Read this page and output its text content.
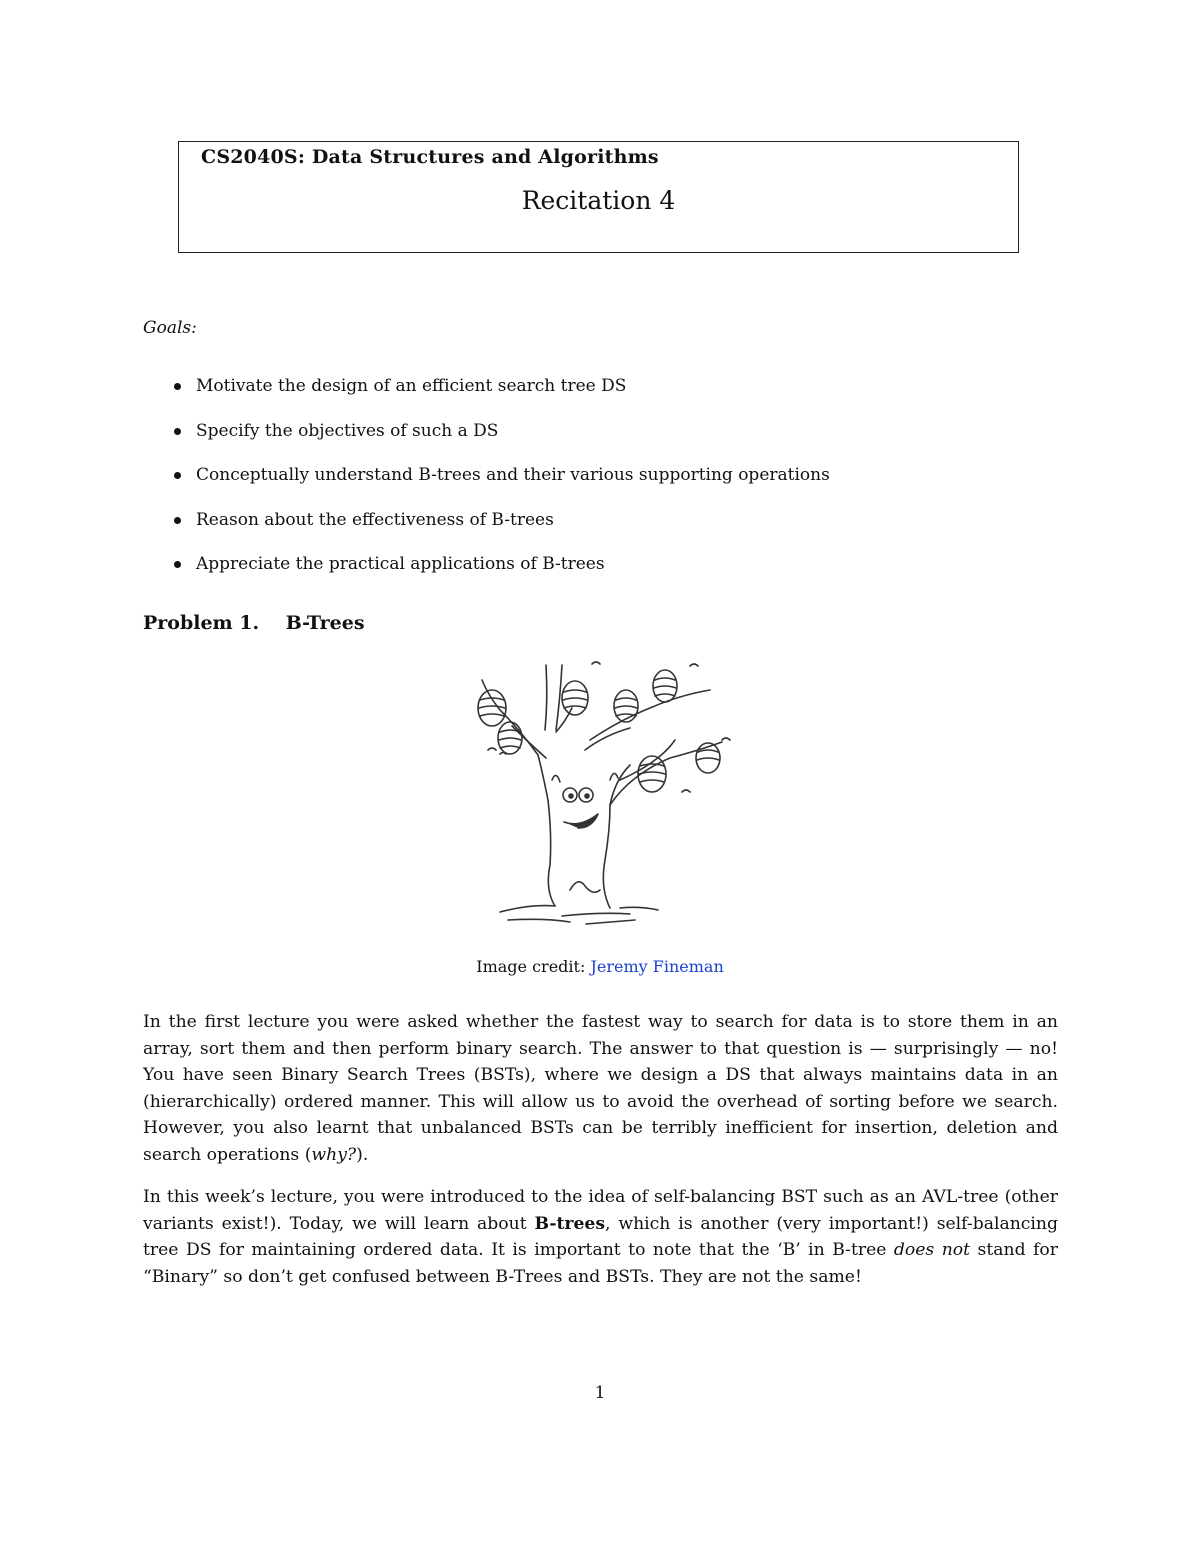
CS2040S: Data Structures and Algorithms
Recitation 4
Goals:
Motivate the design of an efficient search tree DS
Specify the objectives of such a DS
Conceptually understand B-trees and their various supporting operations
Reason about the effectiveness of B-trees
Appreciate the practical applications of B-trees
Problem 1. B-Trees
Image credit: Jeremy Fineman

In the first lecture you were asked whether the fastest way to search for data is to store them in an array, sort them and then perform binary search. The answer to that question is — surprisingly — no! You have seen Binary Search Trees (BSTs), where we design a DS that always maintains data in an (hierarchically) ordered manner. This will allow us to avoid the overhead of sorting before we search. However, you also learnt that unbalanced BSTs can be terribly inefficient for insertion, deletion and search operations (why?).

In this week’s lecture, you were introduced to the idea of self-balancing BST such as an AVL-tree (other variants exist!). Today, we will learn about B-trees, which is another (very important!) self-balancing tree DS for maintaining ordered data. It is important to note that the ‘B’ in B-tree does not stand for “Binary” so don’t get confused between B-Trees and BSTs. They are not the same!

1
